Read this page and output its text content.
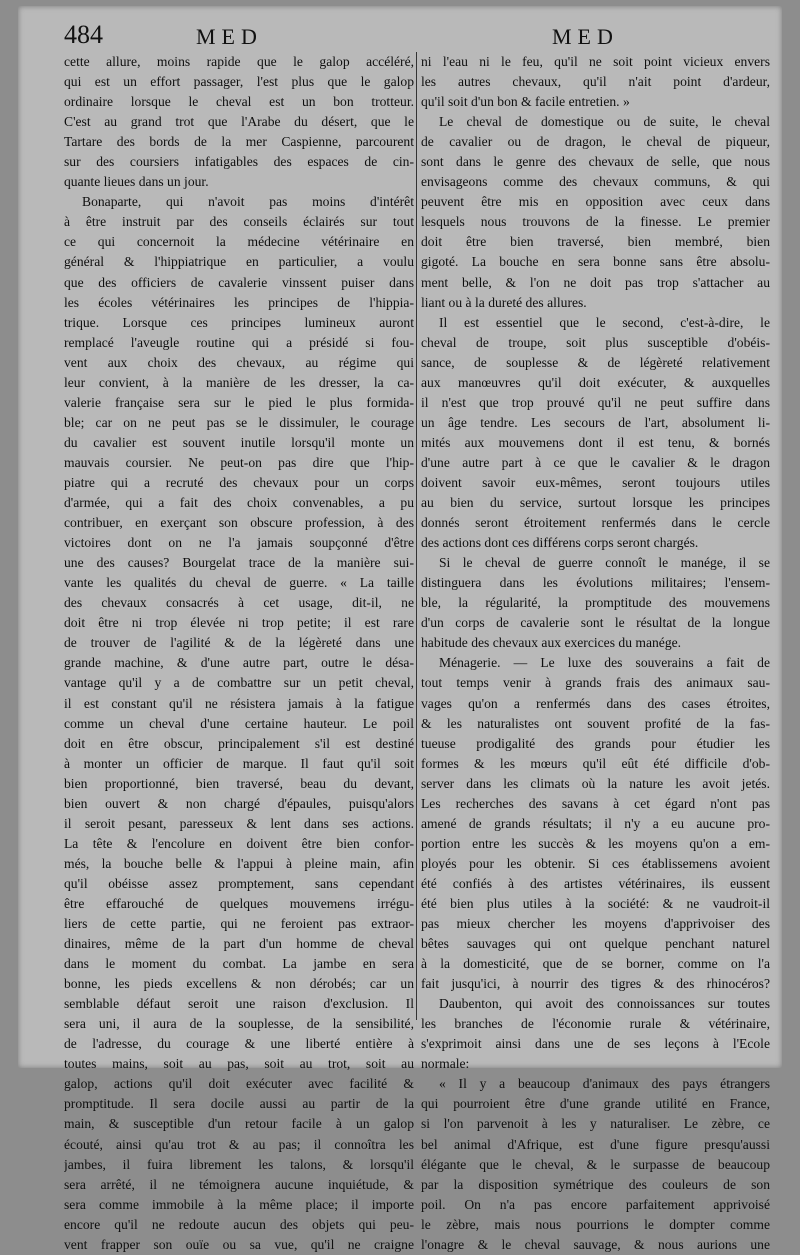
484	MED	MED
cette allure, moins rapide que le galop accéléré,
qui est un effort passager, l'est plus que le galop
ordinaire lorsque le cheval est un bon trotteur.
C'est au grand trot que l'Arabe du désert, que le
Tartare des bords de la mer Caspienne, parcourent
sur des coursiers infatigables des espaces de cin-
quante lieues dans un jour.
Bonaparte, qui n'avoit pas moins d'intérêt
à être instruit par des conseils éclairés sur tout
ce qui concernoit la médecine vétérinaire en
général & l'hippiatrique en particulier, a voulu
que des officiers de cavalerie vinssent puiser dans
les écoles vétérinaires les principes de l'hippia-
trique. Lorsque ces principes lumineux auront
remplacé l'aveugle routine qui a présidé si fou-
vent aux choix des chevaux, au régime qui
leur convient, à la manière de les dresser, la ca-
valerie française sera sur le pied le plus formida-
ble; car on ne peut pas se le dissimuler, le courage
du cavalier est souvent inutile lorsqu'il monte un
mauvais coursier. Ne peut-on pas dire que l'hip-
piatre qui a recruté des chevaux pour un corps
d'armée, qui a fait des choix convenables, a pu
contribuer, en exerçant son obscure profession, à des
victoires dont on ne l'a jamais soupçonné d'être
une des causes? Bourgelat trace de la manière sui-
vante les qualités du cheval de guerre. « La taille
des chevaux consacrés à cet usage, dit-il, ne
doit être ni trop élevée ni trop petite; il est rare
de trouver de l'agilité & de la légèreté dans une
grande machine, & d'une autre part, outre le désa-
vantage qu'il y a de combattre sur un petit cheval,
il est constant qu'il ne résistera jamais à la fatigue
comme un cheval d'une certaine hauteur. Le poil
doit en être obscur, principalement s'il est destiné
à monter un officier de marque. Il faut qu'il soit
bien proportionné, bien traversé, beau du devant,
bien ouvert & non chargé d'épaules, puisqu'alors
il seroit pesant, paresseux & lent dans ses actions.
La tête & l'encolure en doivent être bien confor-
més, la bouche belle & l'appui à pleine main, afin
qu'il obéisse assez promptement, sans cependant
être effarouché de quelques mouvemens irrégu-
liers de cette partie, qui ne feroient pas extraor-
dinaires, même de la part d'un homme de cheval
dans le moment du combat. La jambe en sera
bonne, les pieds excellens & non dérobés; car un
semblable défaut seroit une raison d'exclusion. Il
sera uni, il aura de la souplesse, de la sensibilité,
de l'adresse, du courage & une liberté entière à
toutes mains, soit au pas, soit au trot, soit au
galop, actions qu'il doit exécuter avec facilité &
promptitude. Il sera docile aussi au partir de la
main, & susceptible d'un retour facile à un galop
écouté, ainsi qu'au trot & au pas; il connoîtra les
jambes, il fuira librement les talons, & lorsqu'il
sera arrêté, il ne témoignera aucune inquiétude, &
sera comme immobile à la même place; il importe
encore qu'il ne redoute aucun des objets qui peu-
vent frapper son ouïe ou sa vue, qu'il ne craigne
ni l'eau ni le feu, qu'il ne soit point vicieux envers
les autres chevaux, qu'il n'ait point d'ardeur,
qu'il soit d'un bon & facile entretien. »
Le cheval de domestique ou de suite, le cheval
de cavalier ou de dragon, le cheval de piqueur,
sont dans le genre des chevaux de selle, que nous
envisageons comme des chevaux communs, & qui
peuvent être mis en opposition avec ceux dans
lesquels nous trouvons de la finesse. Le premier
doit être bien traversé, bien membré, bien
gigoté. La bouche en sera bonne sans être absolu-
ment belle, & l'on ne doit pas trop s'attacher au
liant ou à la dureté des allures.
Il est essentiel que le second, c'est-à-dire, le
cheval de troupe, soit plus susceptible d'obéis-
sance, de souplesse & de légèreté relativement
aux manœuvres qu'il doit exécuter, & auxquelles
il n'est que trop prouvé qu'il ne peut suffire dans
un âge tendre. Les secours de l'art, absolument li-
mités aux mouvemens dont il est tenu, & bornés
d'une autre part à ce que le cavalier & le dragon
doivent savoir eux-mêmes, seront toujours utiles
au bien du service, surtout lorsque les principes
donnés seront étroitement renfermés dans le cercle
des actions dont ces différens corps seront chargés.
Si le cheval de guerre connoît le manége, il se
distinguera dans les évolutions militaires; l'ensem-
ble, la régularité, la promptitude des mouvemens
d'un corps de cavalerie sont le résultat de la longue
habitude des chevaux aux exercices du manége.
Ménagerie. — Le luxe des souverains a fait de
tout temps venir à grands frais des animaux sau-
vages qu'on a renfermés dans des cases étroites,
& les naturalistes ont souvent profité de la fas-
tueuse prodigalité des grands pour étudier les
formes & les mœurs qu'il eût été difficile d'ob-
server dans les climats où la nature les avoit jetés.
Les recherches des savans à cet égard n'ont pas
amené de grands résultats; il n'y a eu aucune pro-
portion entre les succès & les moyens qu'on a em-
ployés pour les obtenir. Si ces établissemens avoient
été confiés à des artistes vétérinaires, ils eussent
été bien plus utiles à la société: & ne vaudroit-il
pas mieux chercher les moyens d'apprivoiser des
bêtes sauvages qui ont quelque penchant naturel
à la domesticité, que de se borner, comme on l'a
fait jusqu'ici, à nourrir des tigres & des rhinocéros?
Daubenton, qui avoit des connoissances sur toutes
les branches de l'économie rurale & vétérinaire,
s'exprimoit ainsi dans une de ses leçons à l'Ecole
normale:
« Il y a beaucoup d'animaux des pays étrangers
qui pourroient être d'une grande utilité en France,
si l'on parvenoit à les y naturaliser. Le zèbre, ce
bel animal d'Afrique, est d'une figure presqu'aussi
élégante que le cheval, & le surpasse de beaucoup
par la disposition symétrique des couleurs de son
poil. On n'a pas encore parfaitement apprivoisé
le zèbre, mais nous pourrions le dompter comme
l'onagre & le cheval sauvage, & nous aurions une
